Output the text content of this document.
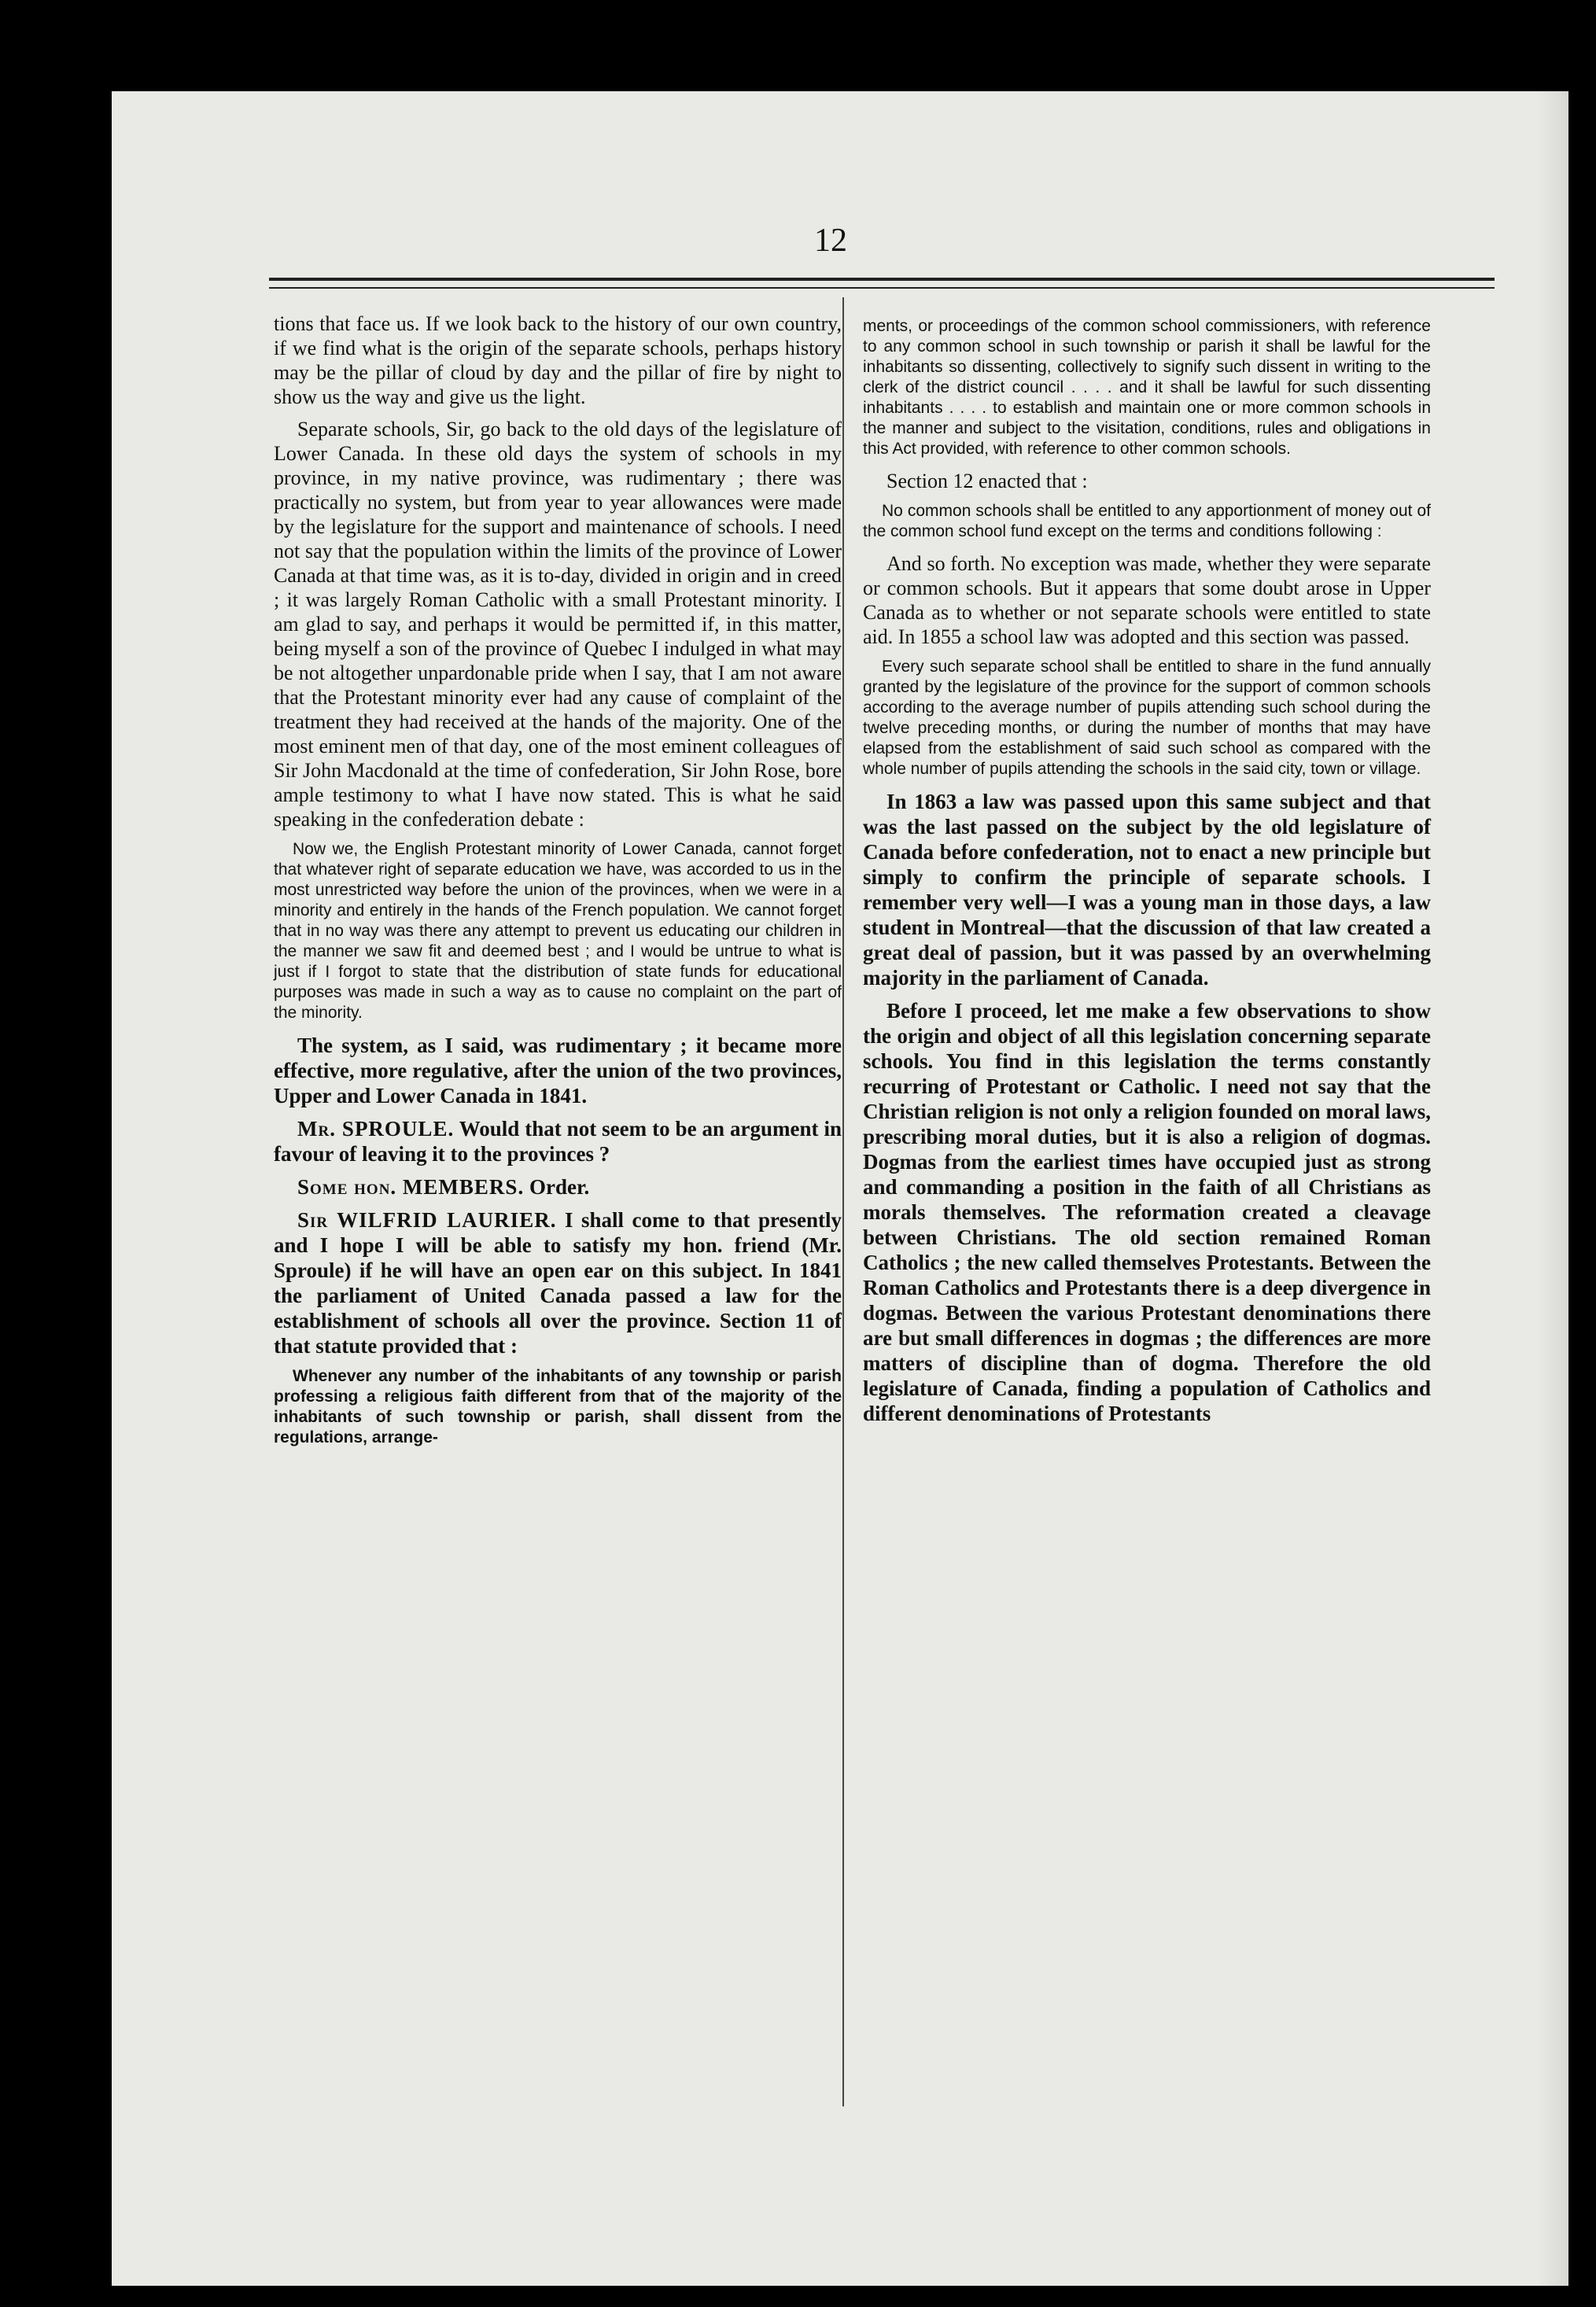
12

tions that face us. If we look back to the history of our own country, if we find what is the origin of the separate schools, perhaps history may be the pillar of cloud by day and the pillar of fire by night to show us the way and give us the light.

Separate schools, Sir, go back to the old days of the legislature of Lower Canada. In these old days the system of schools in my province, in my native province, was rudimentary ; there was practically no system, but from year to year allowances were made by the legislature for the support and maintenance of schools. I need not say that the population within the limits of the province of Lower Canada at that time was, as it is to-day, divided in origin and in creed ; it was largely Roman Catholic with a small Protestant minority. I am glad to say, and perhaps it would be permitted if, in this matter, being myself a son of the province of Quebec I indulged in what may be not altogether unpardonable pride when I say, that I am not aware that the Protestant minority ever had any cause of complaint of the treatment they had received at the hands of the majority. One of the most eminent men of that day, one of the most eminent colleagues of Sir John Macdonald at the time of confederation, Sir John Rose, bore ample testimony to what I have now stated. This is what he said speaking in the confederation debate :

Now we, the English Protestant minority of Lower Canada, cannot forget that whatever right of separate education we have, was accorded to us in the most unrestricted way before the union of the provinces, when we were in a minority and entirely in the hands of the French population. We cannot forget that in no way was there any attempt to prevent us educating our children in the manner we saw fit and deemed best ; and I would be untrue to what is just if I forgot to state that the distribution of state funds for educational purposes was made in such a way as to cause no complaint on the part of the minority.

The system, as I said, was rudimentary ; it became more effective, more regulative, after the union of the two provinces, Upper and Lower Canada in 1841.

Mr. SPROULE. Would that not seem to be an argument in favour of leaving it to the provinces ?

Some hon. MEMBERS. Order.

Sir WILFRID LAURIER. I shall come to that presently and I hope I will be able to satisfy my hon. friend (Mr. Sproule) if he will have an open ear on this subject. In 1841 the parliament of United Canada passed a law for the establishment of schools all over the province. Section 11 of that statute provided that :

Whenever any number of the inhabitants of any township or parish professing a religious faith different from that of the majority of the inhabitants of such township or parish, shall dissent from the regulations, arrange-

ments, or proceedings of the common school commissioners, with reference to any common school in such township or parish it shall be lawful for the inhabitants so dissenting, collectively to signify such dissent in writing to the clerk of the district council . . . . and it shall be lawful for such dissenting inhabitants . . . . to establish and maintain one or more common schools in the manner and subject to the visitation, conditions, rules and obligations in this Act provided, with reference to other common schools.

Section 12 enacted that :

No common schools shall be entitled to any apportionment of money out of the common school fund except on the terms and conditions following :

And so forth. No exception was made, whether they were separate or common schools. But it appears that some doubt arose in Upper Canada as to whether or not separate schools were entitled to state aid. In 1855 a school law was adopted and this section was passed.

Every such separate school shall be entitled to share in the fund annually granted by the legislature of the province for the support of common schools according to the average number of pupils attending such school during the twelve preceding months, or during the number of months that may have elapsed from the establishment of said such school as compared with the whole number of pupils attending the schools in the said city, town or village.

In 1863 a law was passed upon this same subject and that was the last passed on the subject by the old legislature of Canada before confederation, not to enact a new principle but simply to confirm the principle of separate schools. I remember very well—I was a young man in those days, a law student in Montreal—that the discussion of that law created a great deal of passion, but it was passed by an overwhelming majority in the parliament of Canada.

Before I proceed, let me make a few observations to show the origin and object of all this legislation concerning separate schools. You find in this legislation the terms constantly recurring of Protestant or Catholic. I need not say that the Christian religion is not only a religion founded on moral laws, prescribing moral duties, but it is also a religion of dogmas. Dogmas from the earliest times have occupied just as strong and commanding a position in the faith of all Christians as morals themselves. The reformation created a cleavage between Christians. The old section remained Roman Catholics ; the new called themselves Protestants. Between the Roman Catholics and Protestants there is a deep divergence in dogmas. Between the various Protestant denominations there are but small differences in dogmas ; the differences are more matters of discipline than of dogma. Therefore the old legislature of Canada, finding a population of Catholics and different denominations of Protestants
